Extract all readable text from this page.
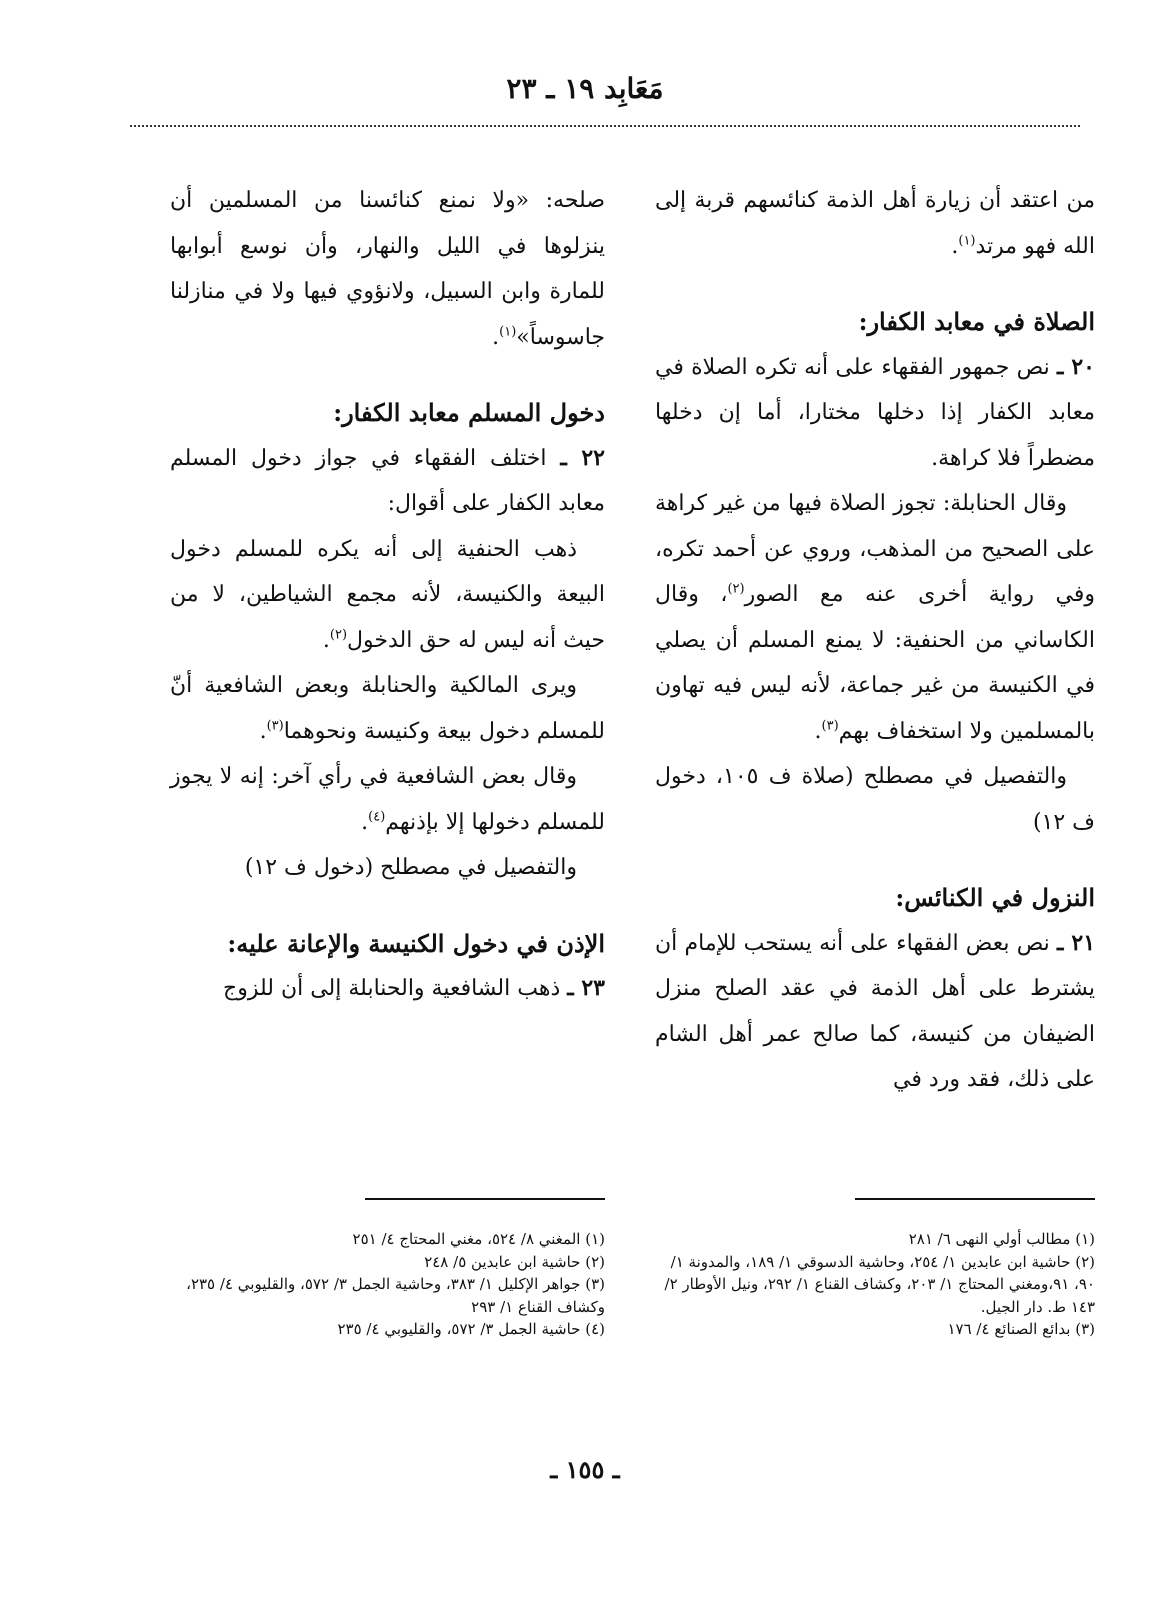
مَعَابِد ١٩ ـ ٢٣

من اعتقد أن زيارة أهل الذمة كنائسهم قربة إلى الله فهو مرتد$^{(١)}$.

الصلاة في معابد الكفار:

٢٠ ـ نص جمهور الفقهاء على أنه تكره الصلاة في معابد الكفار إذا دخلها مختارا، أما إن دخلها مضطراً فلا كراهة.

وقال الحنابلة: تجوز الصلاة فيها من غير كراهة على الصحيح من المذهب، وروي عن أحمد تكره، وفي رواية أخرى عنه مع الصور$^{(٢)}$، وقال الكاساني من الحنفية: لا يمنع المسلم أن يصلي في الكنيسة من غير جماعة، لأنه ليس فيه تهاون بالمسلمين ولا استخفاف بهم$^{(٣)}$.

والتفصيل في مصطلح (صلاة ف ١٠٥، دخول ف ١٢)

النزول في الكنائس:

٢١ ـ نص بعض الفقهاء على أنه يستحب للإمام أن يشترط على أهل الذمة في عقد الصلح منزل الضيفان من كنيسة، كما صالح عمر أهل الشام على ذلك، فقد ورد في

صلحه: «ولا نمنع كنائسنا من المسلمين أن ينزلوها في الليل والنهار، وأن نوسع أبوابها للمارة وابن السبيل، ولانؤوي فيها ولا في منازلنا جاسوساً»$^{(١)}$.

دخول المسلم معابد الكفار:

٢٢ ـ اختلف الفقهاء في جواز دخول المسلم معابد الكفار على أقوال:

ذهب الحنفية إلى أنه يكره للمسلم دخول البيعة والكنيسة، لأنه مجمع الشياطين، لا من حيث أنه ليس له حق الدخول$^{(٢)}$.

ويرى المالكية والحنابلة وبعض الشافعية أنّ للمسلم دخول بيعة وكنيسة ونحوهما$^{(٣)}$.

وقال بعض الشافعية في رأي آخر: إنه لا يجوز للمسلم دخولها إلا بإذنهم$^{(٤)}$.

والتفصيل في مصطلح (دخول ف ١٢)

الإذن في دخول الكنيسة والإعانة عليه:

٢٣ ـ ذهب الشافعية والحنابلة إلى أن للزوج

(١) مطالب أولي النهى ٦/ ٢٨١
(٢) حاشية ابن عابدين ١/ ٢٥٤، وحاشية الدسوقي ١/ ١٨٩، والمدونة ١/ ٩٠، ٩١،ومغني المحتاج ١/ ٢٠٣، وكشاف القناع ١/ ٢٩٢، ونيل الأوطار ٢/ ١٤٣ ط. دار الجيل.
(٣) بدائع الصنائع ٤/ ١٧٦
(١) المغني ٨/ ٥٢٤، مغني المحتاج ٤/ ٢٥١
(٢) حاشية ابن عابدين ٥/ ٢٤٨
(٣) جواهر الإكليل ١/ ٣٨٣، وحاشية الجمل ٣/ ٥٧٢، والقليوبي ٤/ ٢٣٥، وكشاف القناع ١/ ٢٩٣
(٤) حاشية الجمل ٣/ ٥٧٢، والقليوبي ٤/ ٢٣٥
ـ ١٥٥ ـ
